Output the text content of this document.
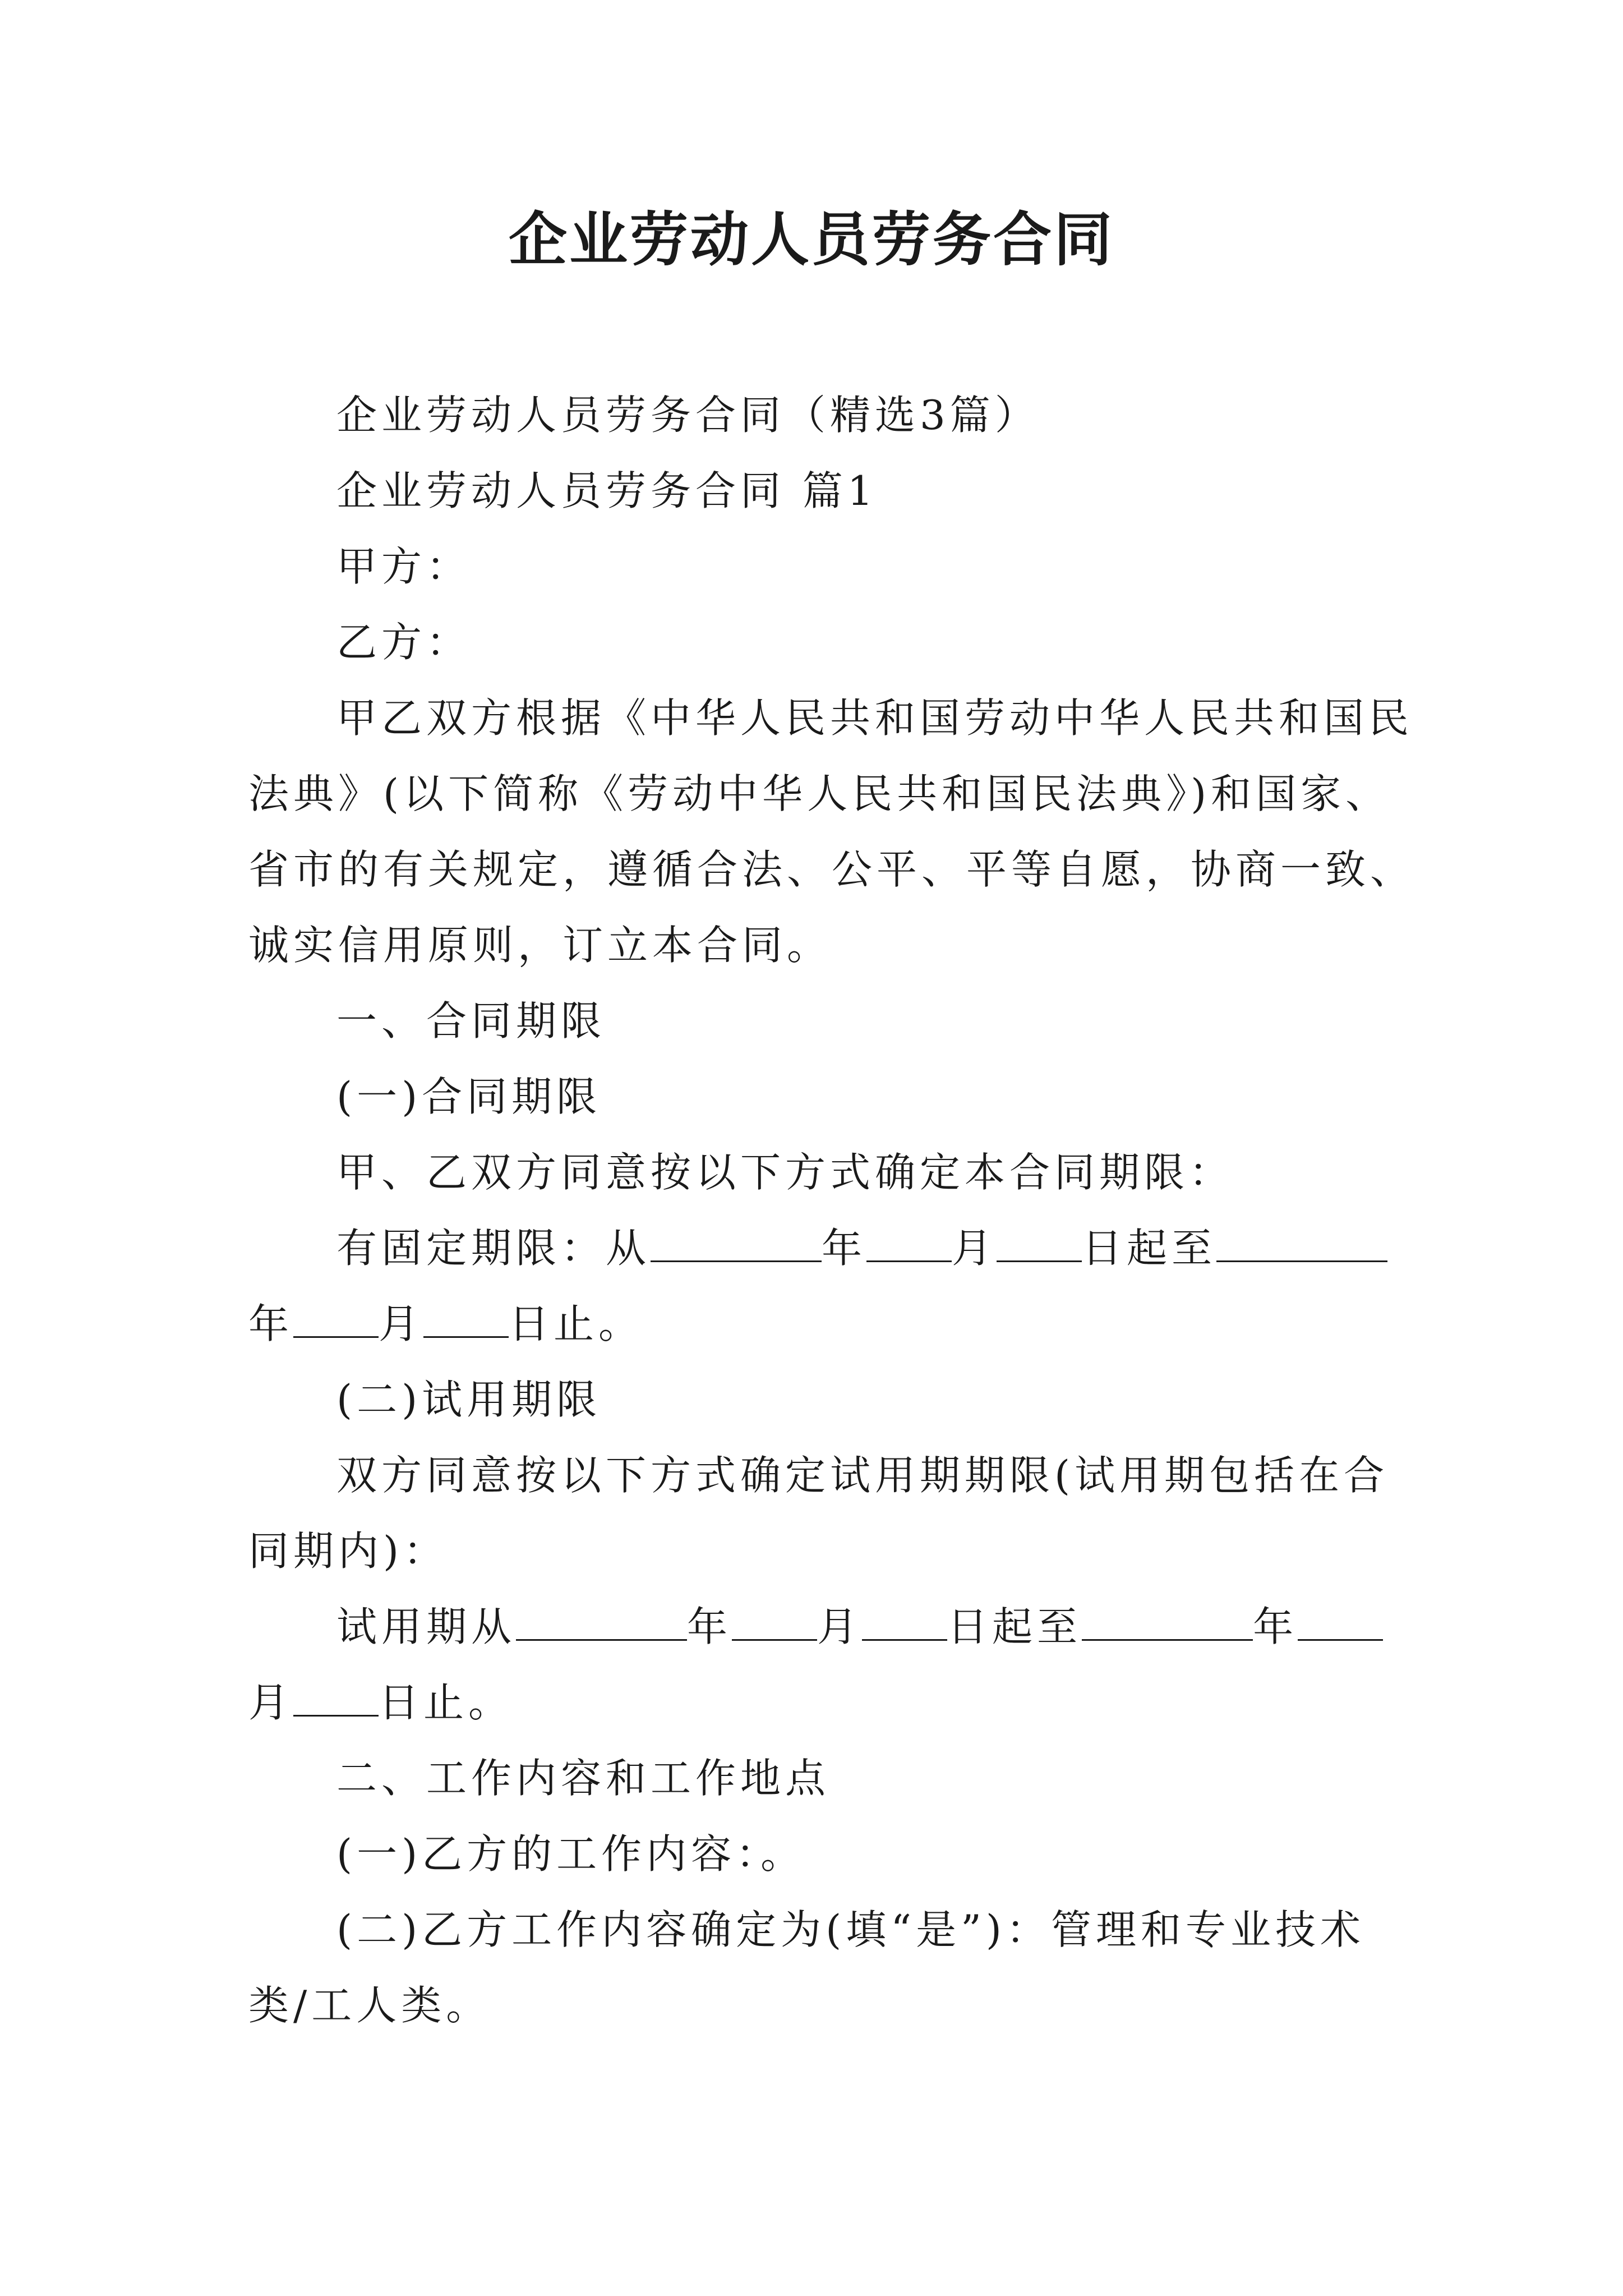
企业劳动人员劳务合同

企业劳动人员劳务合同（精选3篇）

企业劳动人员劳务合同 篇1

甲方：

乙方：

甲乙双方根据《中华人民共和国劳动中华人民共和国民

法典》(以下简称《劳动中华人民共和国民法典》)和国家、

省市的有关规定，遵循合法、公平、平等自愿，协商一致、

诚实信用原则，订立本合同。

一、合同期限

(一)合同期限

甲、乙双方同意按以下方式确定本合同期限：

有固定期限：从	年 月 日起至

年 月 日止。

(二)试用期限

双方同意按以下方式确定试用期期限(试用期包括在合

同期内)：

试用期从	年 月 日起至	年

月 日止。

二、工作内容和工作地点

(一)乙方的工作内容：。

(二)乙方工作内容确定为(填“是”)：管理和专业技术

类/工人类。
